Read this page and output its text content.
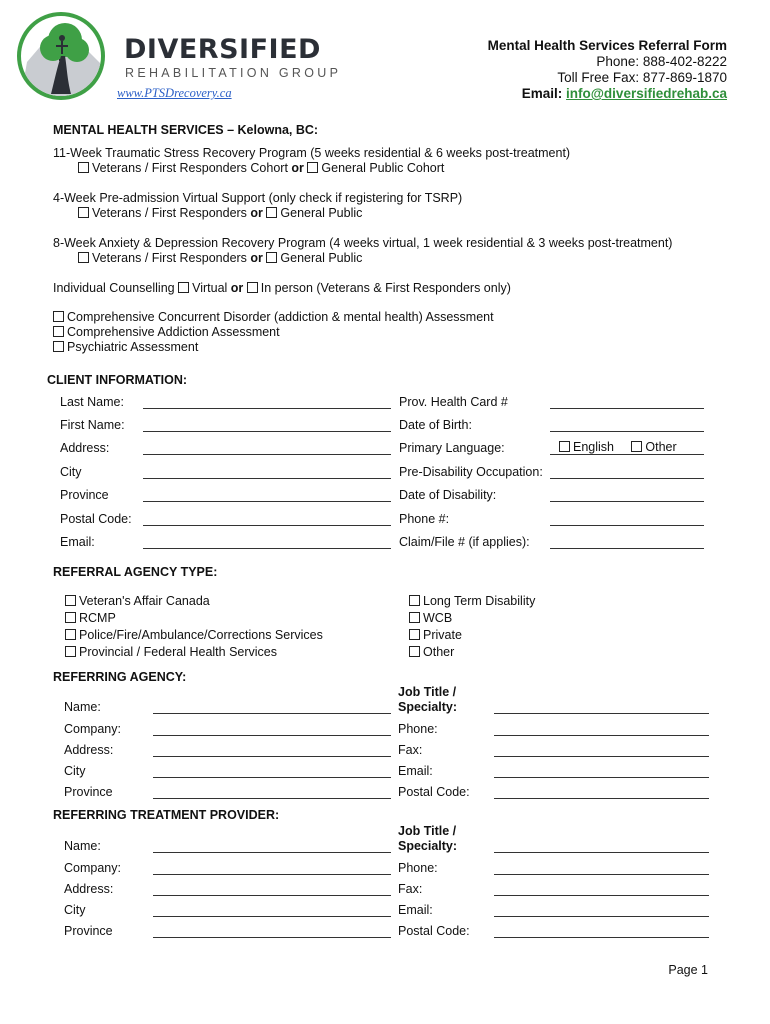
DIVERSIFIED
REHABILITATION GROUP
www.PTSDrecovery.ca
Mental Health Services Referral Form
Phone: 888-402-8222
Toll Free Fax: 877-869-1870
Email: info@diversifiedrehab.ca
MENTAL HEALTH SERVICES – Kelowna, BC:
11-Week Traumatic Stress Recovery Program (5 weeks residential & 6 weeks post-treatment)
Veterans / First Responders Cohort or General Public Cohort
4-Week Pre-admission Virtual Support (only check if registering for TSRP)
Veterans / First Responders or General Public
8-Week Anxiety & Depression Recovery Program (4 weeks virtual, 1 week residential & 3 weeks post-treatment)
Veterans / First Responders or General Public
Individual Counselling Virtual or In person (Veterans & First Responders only)
Comprehensive Concurrent Disorder (addiction & mental health) Assessment
Comprehensive Addiction Assessment
Psychiatric Assessment
CLIENT INFORMATION:
Last Name:
First Name:
Address:
City
Province
Postal Code:
Email:
Prov. Health Card #
Date of Birth:
Primary Language:
Pre-Disability Occupation:
Date of Disability:
Phone #:
Claim/File # (if applies):
English	Other
REFERRAL AGENCY TYPE:
Veteran's Affair Canada
RCMP
Police/Fire/Ambulance/Corrections Services
Provincial / Federal Health Services
Long Term Disability
WCB
Private
Other
REFERRING AGENCY:
Name:
Company:
Address:
City
Province
Job Title /
Specialty:
Phone:
Fax:
Email:
Postal Code:
REFERRING TREATMENT PROVIDER:
Name:
Company:
Address:
City
Province
Job Title /
Specialty:
Phone:
Fax:
Email:
Postal Code:
Page 1
